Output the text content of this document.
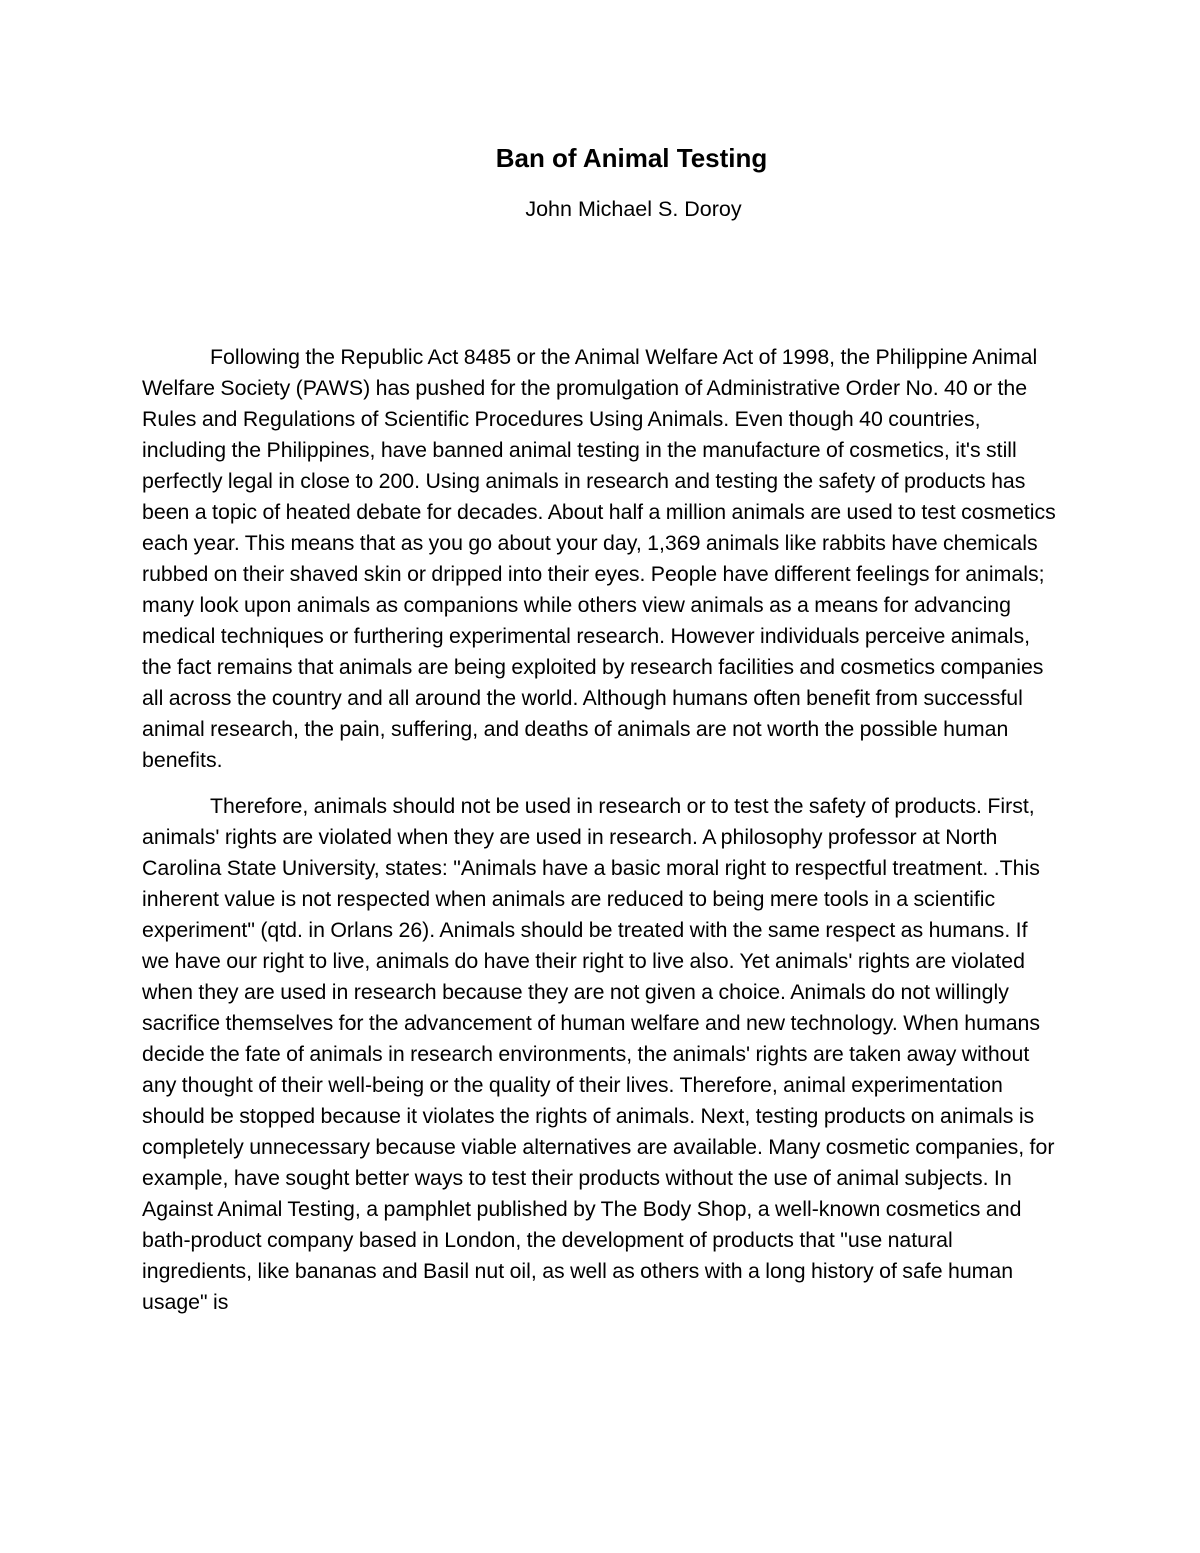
Ban of Animal Testing

John Michael S. Doroy

Following the Republic Act 8485 or the Animal Welfare Act of 1998, the Philippine Animal Welfare Society (PAWS) has pushed for the promulgation of Administrative Order No. 40 or the Rules and Regulations of Scientific Procedures Using Animals. Even though 40 countries, including the Philippines, have banned animal testing in the manufacture of cosmetics, it's still perfectly legal in close to 200. Using animals in research and testing the safety of products has been a topic of heated debate for decades. About half a million animals are used to test cosmetics each year. This means that as you go about your day, 1,369 animals like rabbits have chemicals rubbed on their shaved skin or dripped into their eyes. People have different feelings for animals; many look upon animals as companions while others view animals as a means for advancing medical techniques or furthering experimental research. However individuals perceive animals, the fact remains that animals are being exploited by research facilities and cosmetics companies all across the country and all around the world. Although humans often benefit from successful animal research, the pain, suffering, and deaths of animals are not worth the possible human benefits.

Therefore, animals should not be used in research or to test the safety of products. First, animals' rights are violated when they are used in research. A philosophy professor at North Carolina State University, states: "Animals have a basic moral right to respectful treatment. .This inherent value is not respected when animals are reduced to being mere tools in a scientific experiment" (qtd. in Orlans 26). Animals should be treated with the same respect as humans. If we have our right to live, animals do have their right to live also. Yet animals' rights are violated when they are used in research because they are not given a choice. Animals do not willingly sacrifice themselves for the advancement of human welfare and new technology. When humans decide the fate of animals in research environments, the animals' rights are taken away without any thought of their well-being or the quality of their lives. Therefore, animal experimentation should be stopped because it violates the rights of animals. Next, testing products on animals is completely unnecessary because viable alternatives are available. Many cosmetic companies, for example, have sought better ways to test their products without the use of animal subjects. In Against Animal Testing, a pamphlet published by The Body Shop, a well-known cosmetics and bath-product company based in London, the development of products that "use natural ingredients, like bananas and Basil nut oil, as well as others with a long history of safe human usage" is
